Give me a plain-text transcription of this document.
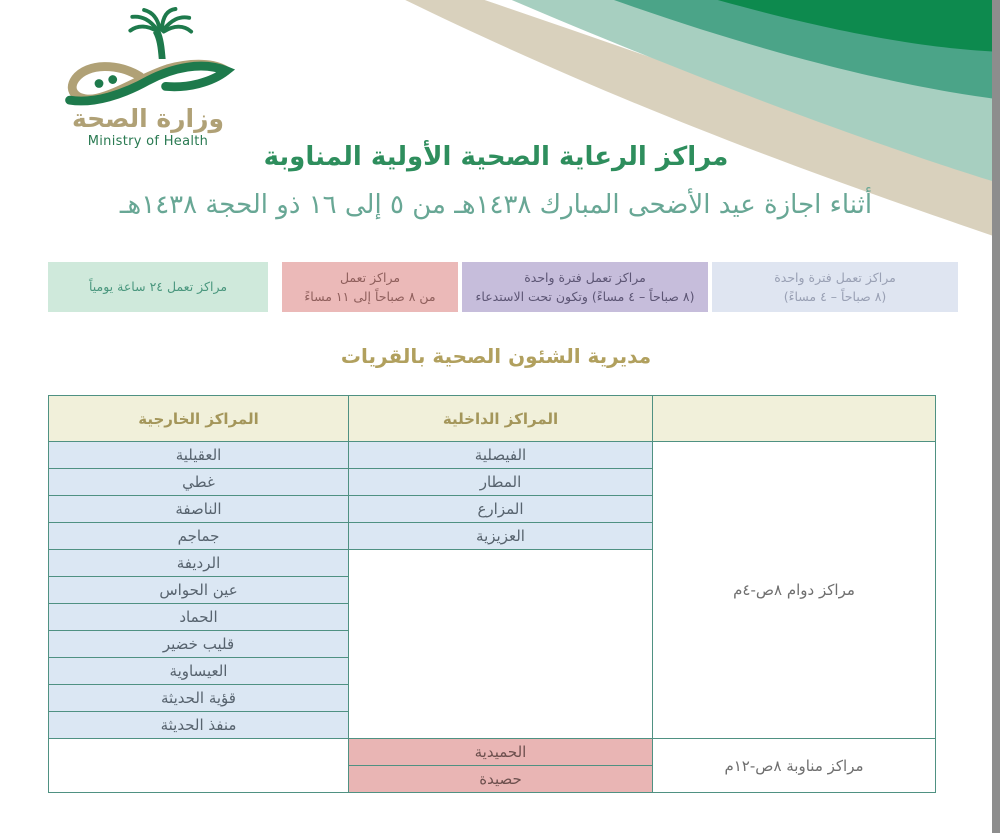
وزارة الصحة
Ministry of Health
مراكز الرعاية الصحية الأولية المناوبة
أثناء اجازة عيد الأضحى المبارك ١٤٣٨هـ من ٥ إلى ١٦ ذو الحجة ١٤٣٨هـ
مراكز تعمل فترة واحدة
(٨ صباحاً – ٤ مساءً)
مراكز تعمل فترة واحدة
(٨ صباحاً – ٤ مساءً) وتكون تحت الاستدعاء
مراكز تعمل
من ٨ صباحاً إلى ١١ مساءً
مراكز تعمل ٢٤ ساعة يومياً
مديرية الشئون الصحية بالقريات
	المراكز الداخلية	المراكز الخارجية
مراكز دوام ٨ص-٤م	الفيصلية	العقيلية
	المطار	غطي
	المزارع	الناصفة
	العزيزية	جماجم
		الرديفة
		عين الحواس
		الحماد
		قليب خضير
		العيساوية
		قؤية الحديثة
		منفذ الحديثة
مراكز مناوبة ٨ص-١٢م	الحميدية	
	حصيدة	
